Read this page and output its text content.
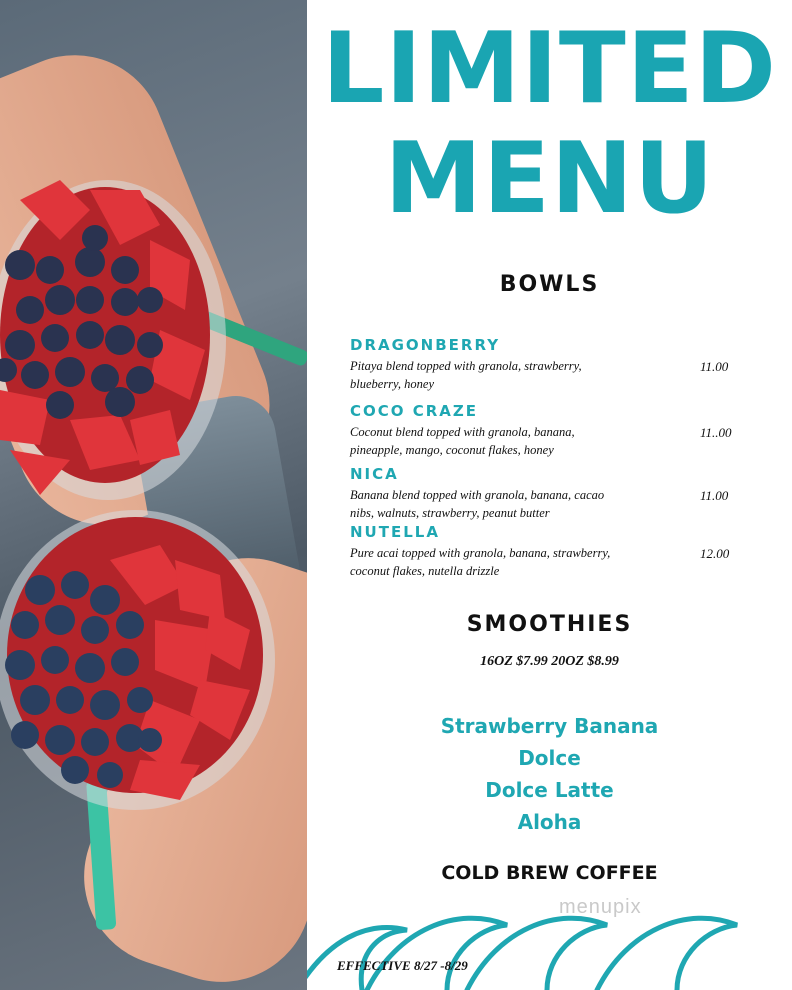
LIMITED
MENU
BOWLS
DRAGONBERRY
Pitaya blend topped with granola, strawberry, blueberry, honey
11.00
COCO CRAZE
Coconut blend topped with granola, banana, pineapple, mango, coconut flakes, honey
11..00
NICA
Banana blend topped with granola, banana, cacao nibs, walnuts, strawberry, peanut butter
11.00
NUTELLA
Pure acai topped with granola, banana, strawberry, coconut flakes, nutella drizzle
12.00
SMOOTHIES
16OZ $7.99 20OZ $8.99
Strawberry Banana
Dolce
Dolce Latte
Aloha
COLD BREW COFFEE
menupix
EFFECTIVE 8/27 -8/29
